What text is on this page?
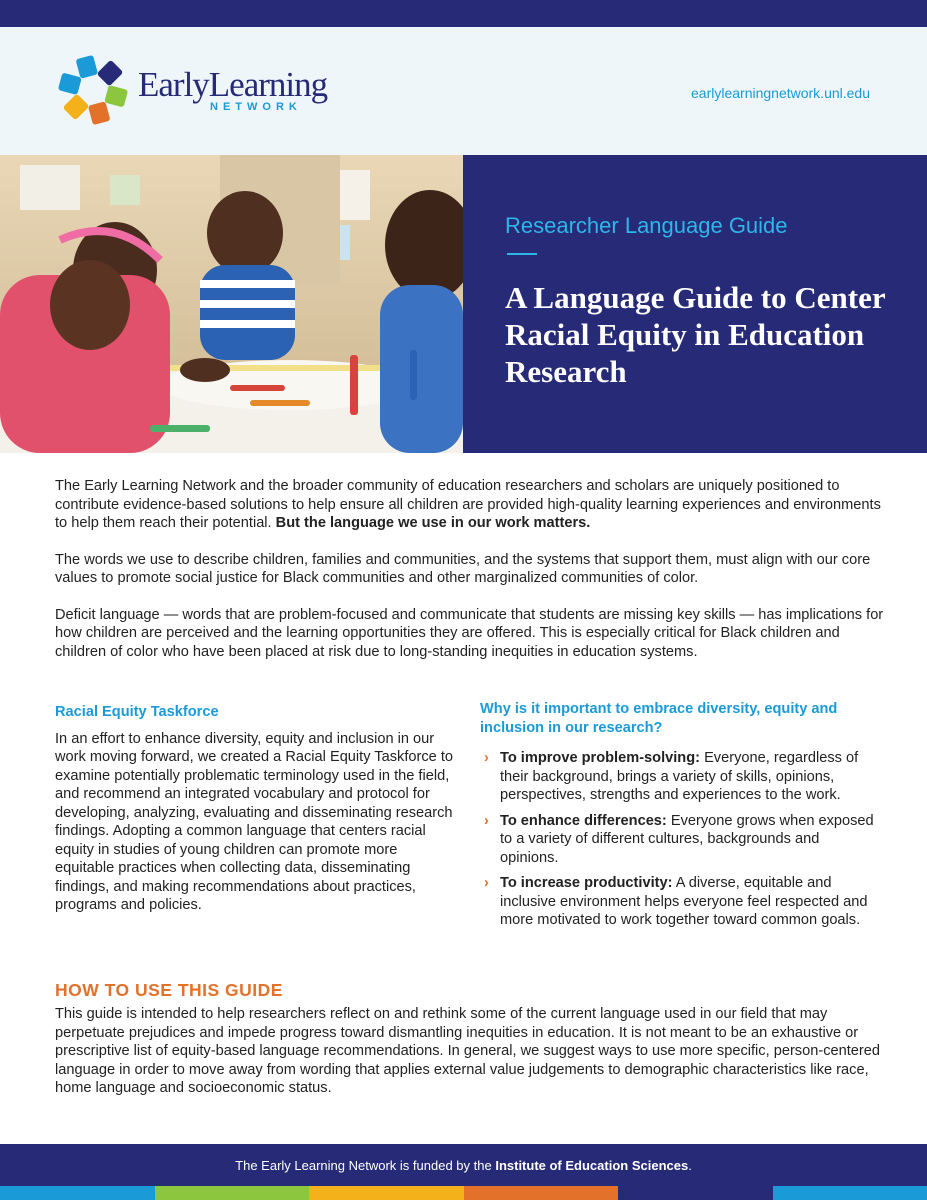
EarlyLearning
NETWORK
earlylearningnetwork.unl.edu
Researcher Language Guide
A Language Guide to Center Racial Equity in Education Research

The Early Learning Network and the broader community of education researchers and scholars are uniquely positioned to contribute evidence-based solutions to help ensure all children are provided high-quality learning experiences and environments to help them reach their potential. But the language we use in our work matters.

The words we use to describe children, families and communities, and the systems that support them, must align with our core values to promote social justice for Black communities and other marginalized communities of color.

Deficit language — words that are problem-focused and communicate that students are missing key skills — has implications for how children are perceived and the learning opportunities they are offered. This is especially critical for Black children and children of color who have been placed at risk due to long-standing inequities in education systems.

Racial Equity Taskforce
In an effort to enhance diversity, equity and inclusion in our work moving forward, we created a Racial Equity Taskforce to examine potentially problematic terminology used in the field, and recommend an integrated vocabulary and protocol for developing, analyzing, evaluating and disseminating research findings. Adopting a common language that centers racial equity in studies of young children can promote more equitable practices when collecting data, disseminating findings, and making recommendations about practices, programs and policies.
Why is it important to embrace diversity, equity and inclusion in our research?
› To improve problem-solving: Everyone, regardless of their background, brings a variety of skills, opinions, perspectives, strengths and experiences to the work.
› To enhance differences: Everyone grows when exposed to a variety of different cultures, backgrounds and opinions.
› To increase productivity: A diverse, equitable and inclusive environment helps everyone feel respected and more motivated to work together toward common goals.
HOW TO USE THIS GUIDE
This guide is intended to help researchers reflect on and rethink some of the current language used in our field that may perpetuate prejudices and impede progress toward dismantling inequities in education. It is not meant to be an exhaustive or prescriptive list of equity-based language recommendations. In general, we suggest ways to use more specific, person-centered language in order to move away from wording that applies external value judgements to demographic characteristics like race, home language and socioeconomic status.
The Early Learning Network is funded by the Institute of Education Sciences.
